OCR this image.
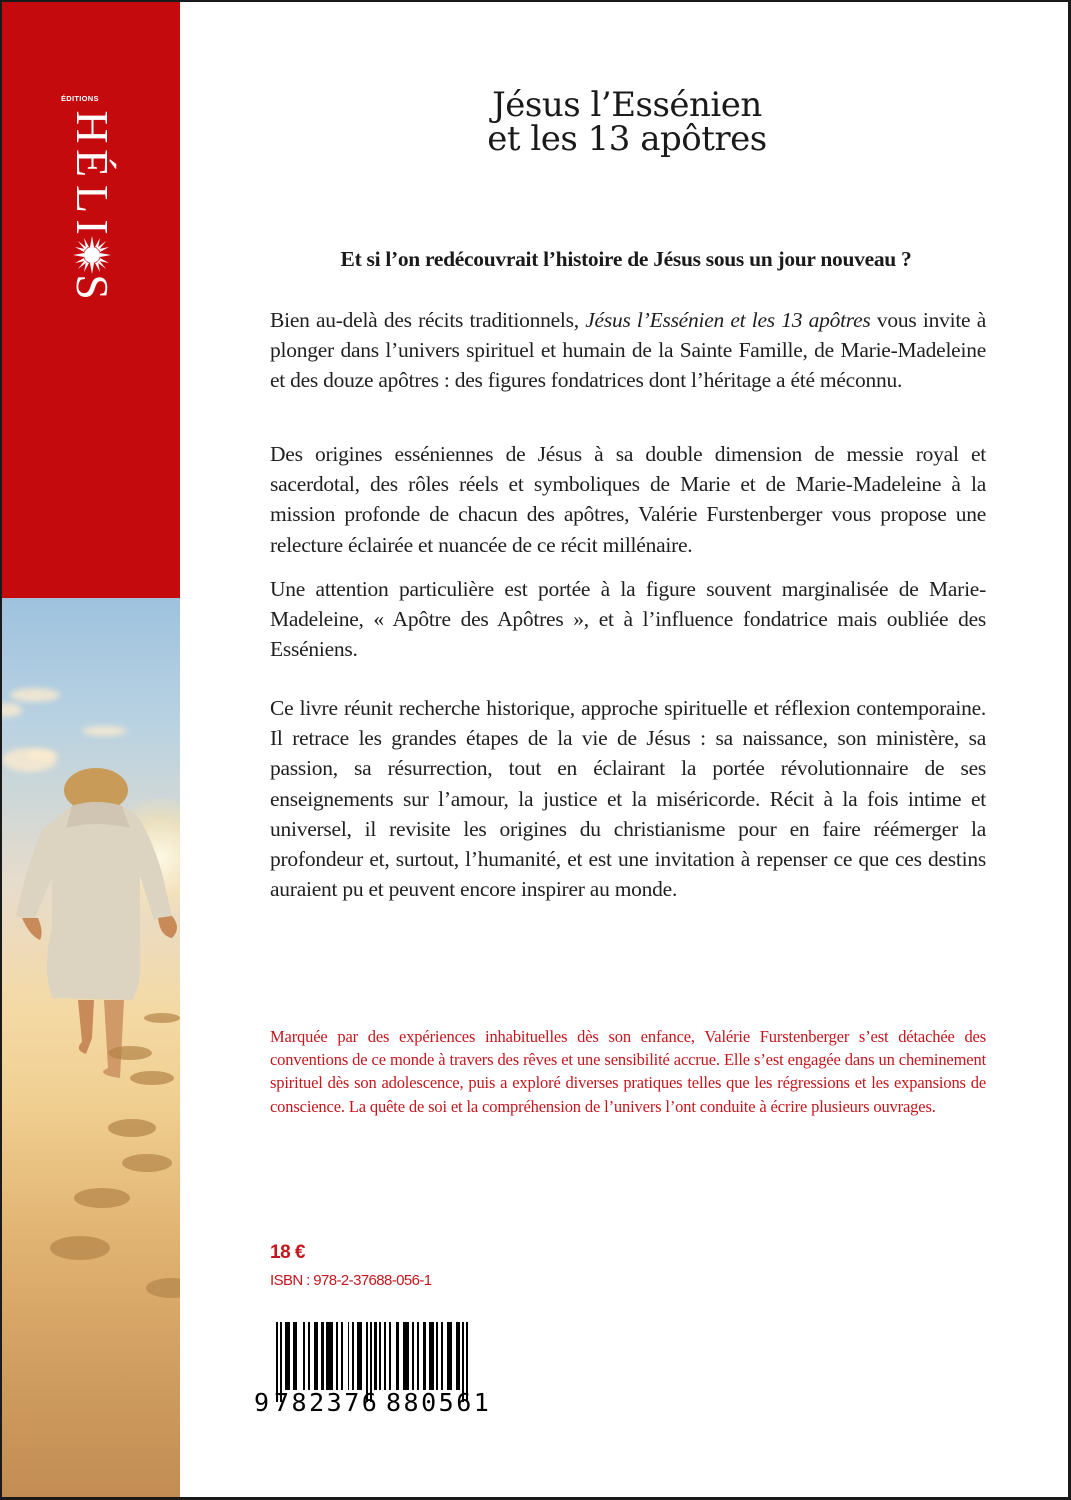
ÉDITIONS
H
É
L
I
S
Jésus l’Essénien
et les 13 apôtres
Et si l’on redécouvrait l’histoire de Jésus sous un jour nouveau ?

Bien au-delà des récits traditionnels, Jésus l’Essénien et les 13 apôtres vous invite à plonger dans l’univers spirituel et humain de la Sainte Famille, de Marie-Madeleine et des douze apôtres : des figures fondatrices dont l’héritage a été méconnu.

Des origines esséniennes de Jésus à sa double dimension de messie royal et sacerdotal, des rôles réels et symboliques de Marie et de Marie-Madeleine à la mission profonde de chacun des apôtres, Valérie Furstenberger vous propose une relecture éclairée et nuancée de ce récit millénaire.

Une attention particulière est portée à la figure souvent marginalisée de Marie-Madeleine, « Apôtre des Apôtres », et à l’influence fondatrice mais oubliée des Esséniens.

Ce livre réunit recherche historique, approche spirituelle et réflexion contemporaine. Il retrace les grandes étapes de la vie de Jésus : sa naissance, son ministère, sa passion, sa résurrection, tout en éclairant la portée révolutionnaire de ses enseignements sur l’amour, la justice et la miséricorde. Récit à la fois intime et universel, il revisite les origines du christianisme pour en faire réémerger la profondeur et, surtout, l’humanité, et est une invitation à repenser ce que ces destins auraient pu et peuvent encore inspirer au monde.

Marquée par des expériences inhabituelles dès son enfance, Valérie Furstenberger s’est détachée des conventions de ce monde à travers des rêves et une sensibilité accrue. Elle s’est engagée dans un cheminement spirituel dès son adolescence, puis a exploré diverses pratiques telles que les régressions et les expansions de conscience. La quête de soi et la compréhension de l’univers l’ont conduite à écrire plusieurs ouvrages.

18 €
ISBN : 978-2-37688-056-1
9 782376 880561
